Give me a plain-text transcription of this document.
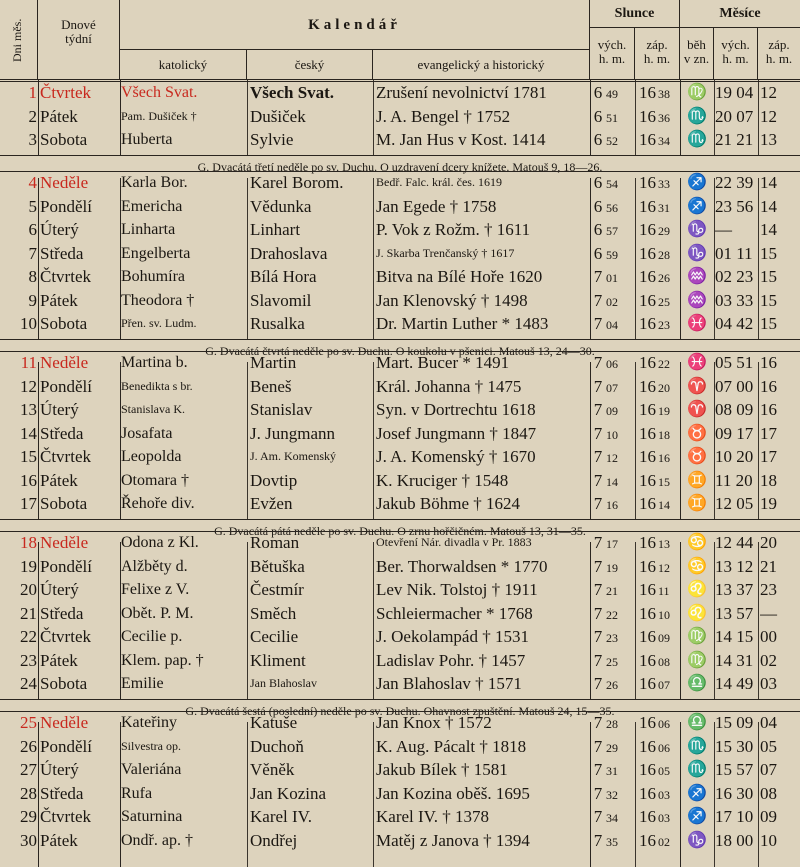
Dni měs.	Dnové
týdní
Kalendář
katolický	český	evangelický a historický
Slunce
vých.
h. m.
záp.
h. m.
Měsíce
běh
v zn.
vých.
h. m.
záp.
h. m.
1 Čtvrtek	Všech Svat.	Všech Svat.	Zrušení nevolnictví 1781	6 49	16 38	♍ 19 04 12
2 Pátek	Pam. Dušiček †	Dušiček	J. A. Bengel † 1752	6 51	16 36	♏ 20 07 12
3 Sobota	Huberta	Sylvie	M. Jan Hus v Kost. 1414	6 52	16 34	♏ 21 21 13
G. Dvacátá třetí neděle po sv. Duchu. O uzdravení dcery knížete. Matouš 9, 18—26.
4 Neděle	Karla Bor.	Karel Borom.	Bedř. Falc. král. čes. 1619	6 54	16 33	♐ 22 39 14
5 Pondělí	Emericha	Vědunka	Jan Egede † 1758	6 56	16 31	♐ 23 56 14
6 Úterý	Linharta	Linhart	P. Vok z Rožm. † 1611	6 57	16 29	♑ —	14
7 Středa	Engelberta	Drahoslava	J. Skarba Trenčanský † 1617	6 59	16 28	♑ 01 11 15
8 Čtvrtek	Bohumíra	Bílá Hora	Bitva na Bílé Hoře 1620	7 01	16 26	♒ 02 23 15
9 Pátek	Theodora †	Slavomil	Jan Klenovský † 1498	7 02	16 25	♒ 03 33 15
10 Sobota	Přen. sv. Ludm.	Rusalka	Dr. Martin Luther * 1483	7 04	16 23	♓ 04 42 15
G. Dvacátá čtvrtá neděle po sv. Duchu. O koukolu v pšenici. Matouš 13, 24—30.
11 Neděle	Martina b.	Martin	Mart. Bucer * 1491	7 06	16 22	♓ 05 51 16
12 Pondělí	Benedikta s br.	Beneš	Král. Johanna † 1475	7 07	16 20	♈ 07 00 16
13 Úterý	Stanislava K.	Stanislav	Syn. v Dortrechtu 1618	7 09	16 19	♈ 08 09 16
14 Středa	Josafata	J. Jungmann	Josef Jungmann † 1847	7 10	16 18	♉ 09 17 17
15 Čtvrtek	Leopolda	J. Am. Komenský	J. A. Komenský † 1670	7 12	16 16	♉ 10 20 17
16 Pátek	Otomara †	Dovtip	K. Kruciger † 1548	7 14	16 15	♊ 11 20 18
17 Sobota	Řehoře div.	Evžen	Jakub Böhme † 1624	7 16	16 14	♊ 12 05 19
G. Dvacátá pátá neděle po sv. Duchu. O zrnu hořčičném. Matouš 13, 31—35.
18 Neděle	Odona z Kl.	Roman	Otevření Nár. divadla v Pr. 1883	7 17	16 13	♋ 12 44 20
19 Pondělí	Alžběty d.	Bětuška	Ber. Thorwaldsen * 1770	7 19	16 12	♋ 13 12 21
20 Úterý	Felixe z V.	Čestmír	Lev Nik. Tolstoj † 1911	7 21	16 11	♌ 13 37 23
21 Středa	Obět. P. M.	Směch	Schleiermacher * 1768	7 22	16 10	♌ 13 57 —
22 Čtvrtek	Cecilie p.	Cecilie	J. Oekolampád † 1531	7 23	16 09	♍ 14 15 00
23 Pátek	Klem. pap. †	Kliment	Ladislav Pohr. † 1457	7 25	16 08	♍ 14 31 02
24 Sobota	Emilie	Jan Blahoslav	Jan Blahoslav † 1571	7 26	16 07	♎ 14 49 03
G. Dvacátá šestá (poslední) neděle po sv. Duchu. Ohavnost zpuštění. Matouš 24, 15—35.
25 Neděle	Kateřiny	Katuše	Jan Knox † 1572	7 28	16 06	♎ 15 09 04
26 Pondělí	Silvestra op.	Duchoň	K. Aug. Pácalt † 1818	7 29	16 06	♏ 15 30 05
27 Úterý	Valeriána	Věněk	Jakub Bílek † 1581	7 31	16 05	♏ 15 57 07
28 Středa	Rufa	Jan Kozina	Jan Kozina oběš. 1695	7 32	16 03	♐ 16 30 08
29 Čtvrtek	Saturnina	Karel IV.	Karel IV. † 1378	7 34	16 03	♐ 17 10 09
30 Pátek	Ondř. ap. †	Ondřej	Matěj z Janova † 1394	7 35	16 02	♑ 18 00 10
